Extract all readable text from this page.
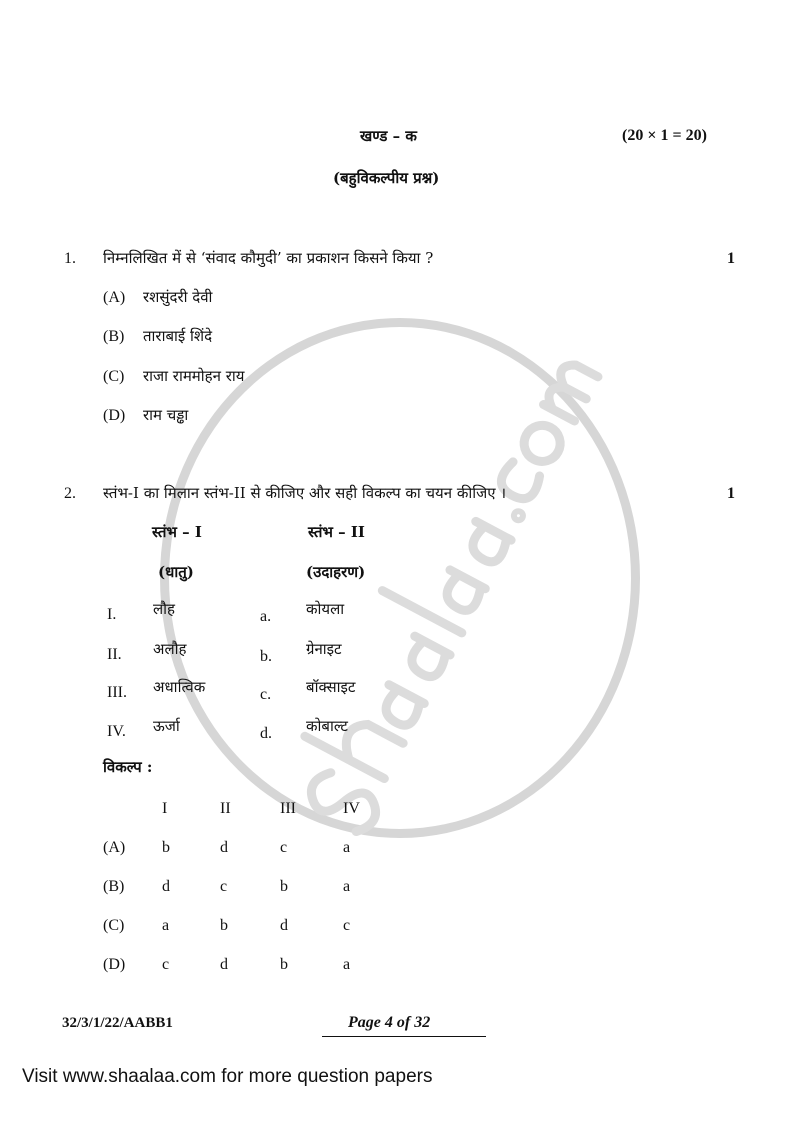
खण्ड – क	(20 × 1 = 20)
(बहुविकल्पीय प्रश्न)
1. निम्नलिखित में से ‘संवाद कौमुदी’ का प्रकाशन किसने किया ?	1
(A) रशसुंदरी देवी
(B) ताराबाई शिंदे
(C) राजा राममोहन राय
(D) राम चड्ढा
2. स्तंभ-I का मिलान स्तंभ-II से कीजिए और सही विकल्प का चयन कीजिए ।	1
स्तंभ – I	स्तंभ – II
(धातु)	(उदाहरण)
I. लौह	a. कोयला
II. अलौह	b. ग्रेनाइट
III. अधात्विक	c. बॉक्साइट
IV. ऊर्जा	d. कोबाल्ट
विकल्प :
I	II	III	IV
(A) b	d	c	a
(B) d	c	b	a
(C) a	b	d	c
(D) c	d	b	a
32/3/1/22/AABB1	Page 4 of 32
Visit www.shaalaa.com for more question papers
